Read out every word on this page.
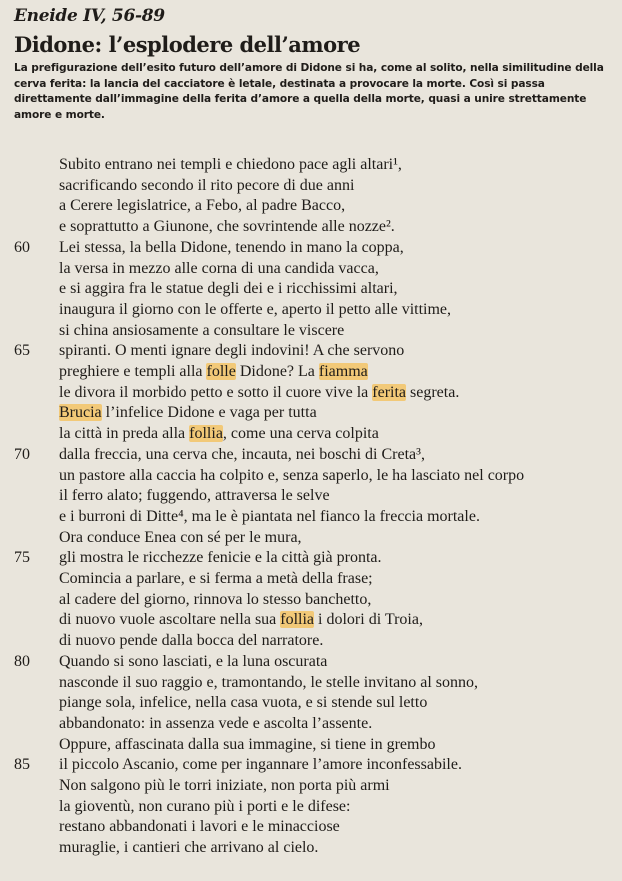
Eneide IV, 56-89
Didone: l’esplodere dell’amore
La prefigurazione dell’esito futuro dell’amore di Didone si ha, come al solito, nella similitudine della cerva ferita: la lancia del cacciatore è letale, destinata a provocare la morte. Così si passa direttamente dall’immagine della ferita d’amore a quella della morte, quasi a unire strettamente amore e morte.
Subito entrano nei templi e chiedono pace agli altari¹,
sacrificando secondo il rito pecore di due anni
a Cerere legislatrice, a Febo, al padre Bacco,
e soprattutto a Giunone, che sovrintende alle nozze².
60 Lei stessa, la bella Didone, tenendo in mano la coppa,
la versa in mezzo alle corna di una candida vacca,
e si aggira fra le statue degli dei e i ricchissimi altari,
inaugura il giorno con le offerte e, aperto il petto alle vittime,
si china ansiosamente a consultare le viscere
65 spiranti. O menti ignare degli indovini! A che servono
preghiere e templi alla folle Didone? La fiamma
le divora il morbido petto e sotto il cuore vive la ferita segreta.
Brucia l’infelice Didone e vaga per tutta
la città in preda alla follia, come una cerva colpita
70 dalla freccia, una cerva che, incauta, nei boschi di Creta³,
un pastore alla caccia ha colpito e, senza saperlo, le ha lasciato nel corpo
il ferro alato; fuggendo, attraversa le selve
e i burroni di Ditte⁴, ma le è piantata nel fianco la freccia mortale.
Ora conduce Enea con sé per le mura,
75 gli mostra le ricchezze fenicie e la città già pronta.
Comincia a parlare, e si ferma a metà della frase;
al cadere del giorno, rinnova lo stesso banchetto,
di nuovo vuole ascoltare nella sua follia i dolori di Troia,
di nuovo pende dalla bocca del narratore.
80 Quando si sono lasciati, e la luna oscurata
nasconde il suo raggio e, tramontando, le stelle invitano al sonno,
piange sola, infelice, nella casa vuota, e si stende sul letto
abbandonato: in assenza vede e ascolta l’assente.
Oppure, affascinata dalla sua immagine, si tiene in grembo
85 il piccolo Ascanio, come per ingannare l’amore inconfessabile.
Non salgono più le torri iniziate, non porta più armi
la gioventù, non curano più i porti e le difese:
restano abbandonati i lavori e le minacciose
muraglie, i cantieri che arrivano al cielo.
